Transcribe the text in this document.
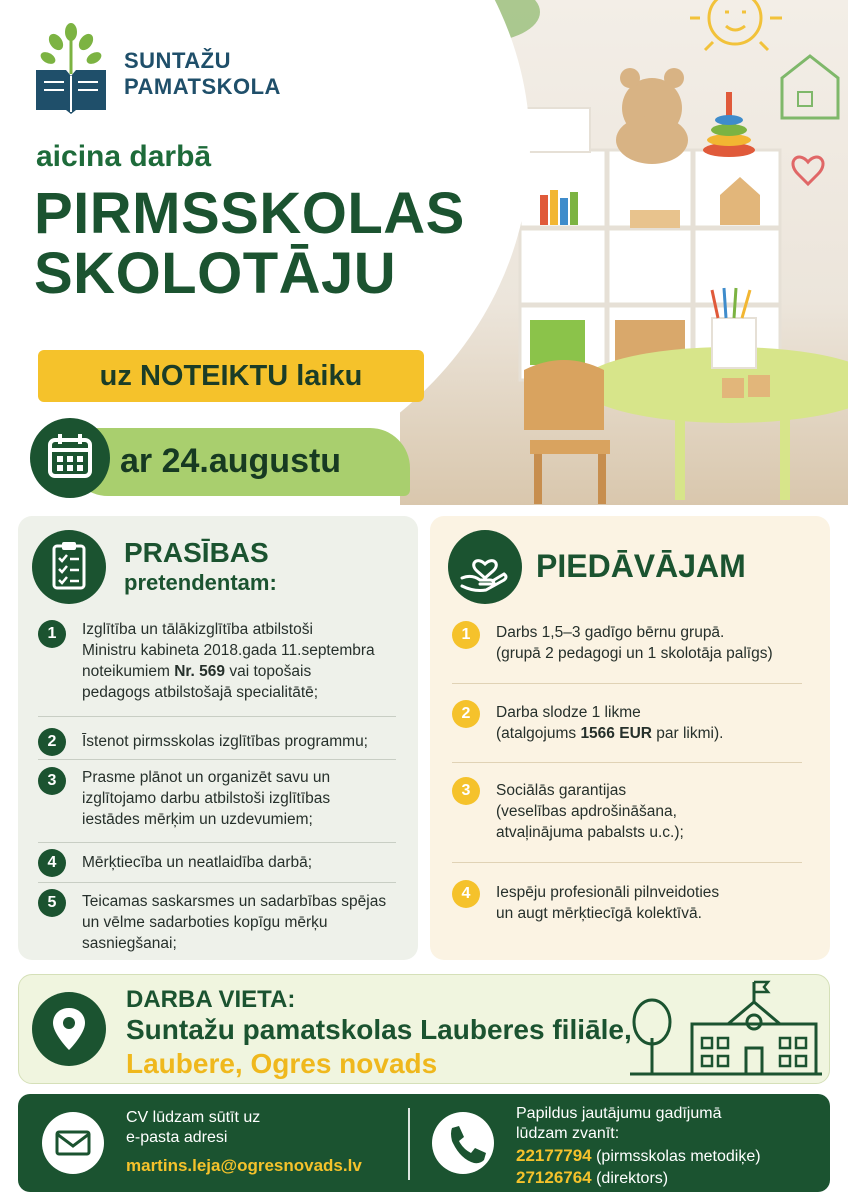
SUNTAŽU
PAMATSKOLA
aicina darbā
PIRMSSKOLAS
SKOLOTĀJU
uz NOTEIKTU laiku
ar 24.augustu
PRASĪBAS
pretendentam:
1	Izglītība un tālākizglītība atbilstoši
Ministru kabineta 2018.gada 11.septembra
noteikumiem Nr. 569 vai topošais
pedagogs atbilstošajā specialitātē;
2	Īstenot pirmsskolas izglītības programmu;
3	Prasme plānot un organizēt savu un
izglītojamo darbu atbilstoši izglītības
iestādes mērķim un uzdevumiem;
4	Mērķtiecība un neatlaidība darbā;
5	Teicamas saskarsmes un sadarbības spējas
un vēlme sadarboties kopīgu mērķu
sasniegšanai;
PIEDĀVĀJAM
1	Darbs 1,5–3 gadīgo bērnu grupā.
(grupā 2 pedagogi un 1 skolotāja palīgs)
2	Darba slodze 1 likme
(atalgojums 1566 EUR par likmi).
3	Sociālās garantijas
(veselības apdrošināšana,
atvaļinājuma pabalsts u.c.);
4	Iespēju profesionāli pilnveidoties
un augt mērķtiecīgā kolektīvā.
DARBA VIETA:
Suntažu pamatskolas Lauberes filiāle,
Laubere, Ogres novads
CV lūdzam sūtīt uz
e-pasta adresi
martins.leja@ogresnovads.lv
Papildus jautājumu gadījumā
lūdzam zvanīt:
22177794 (pirmsskolas metodiķe)
27126764 (direktors)
